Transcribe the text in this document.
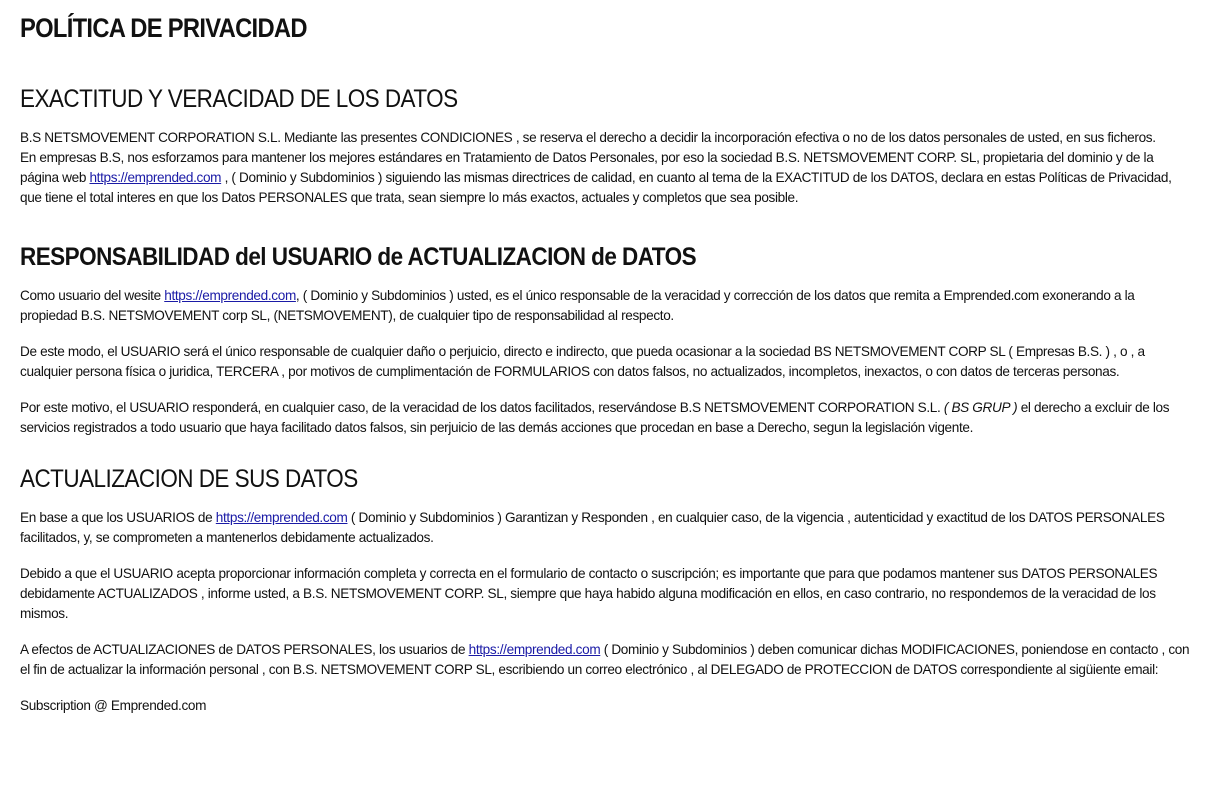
POLÍTICA DE PRIVACIDAD
EXACTITUD Y VERACIDAD DE LOS DATOS

B.S NETSMOVEMENT CORPORATION S.L. Mediante las presentes CONDICIONES , se reserva el derecho a decidir la incorporación efectiva o no de los datos personales de usted, en sus ficheros.
En empresas B.S, nos esforzamos para mantener los mejores estándares en Tratamiento de Datos Personales, por eso la sociedad B.S. NETSMOVEMENT CORP. SL, propietaria del dominio y de la página web https://emprended.com , ( Dominio y Subdominios ) siguiendo las mismas directrices de calidad, en cuanto al tema de la EXACTITUD de los DATOS, declara en estas Políticas de Privacidad, que tiene el total interes en que los Datos PERSONALES que trata, sean siempre lo más exactos, actuales y completos que sea posible.

RESPONSABILIDAD del USUARIO de ACTUALIZACION de DATOS

Como usuario del wesite https://emprended.com, ( Dominio y Subdominios ) usted, es el único responsable de la veracidad y corrección de los datos que remita a Emprended.com exonerando a la propiedad B.S. NETSMOVEMENT corp SL, (NETSMOVEMENT), de cualquier tipo de responsabilidad al respecto.

De este modo, el USUARIO será el único responsable de cualquier daño o perjuicio, directo e indirecto, que pueda ocasionar a la sociedad BS NETSMOVEMENT CORP SL ( Empresas B.S. ) , o , a cualquier persona física o juridica, TERCERA , por motivos de cumplimentación de FORMULARIOS con datos falsos, no actualizados, incompletos, inexactos, o con datos de terceras personas.

Por este motivo, el USUARIO responderá, en cualquier caso, de la veracidad de los datos facilitados, reservándose B.S NETSMOVEMENT CORPORATION S.L. ( BS GRUP ) el derecho a excluir de los servicios registrados a todo usuario que haya facilitado datos falsos, sin perjuicio de las demás acciones que procedan en base a Derecho, segun la legislación vigente.

ACTUALIZACION DE SUS DATOS

En base a que los USUARIOS de https://emprended.com ( Dominio y Subdominios ) Garantizan y Responden , en cualquier caso, de la vigencia , autenticidad y exactitud de los DATOS PERSONALES facilitados, y, se comprometen a mantenerlos debidamente actualizados.

Debido a que el USUARIO acepta proporcionar información completa y correcta en el formulario de contacto o suscripción; es importante que para que podamos mantener sus DATOS PERSONALES debidamente ACTUALIZADOS , informe usted, a B.S. NETSMOVEMENT CORP. SL, siempre que haya habido alguna modificación en ellos, en caso contrario, no respondemos de la veracidad de los mismos.

A efectos de ACTUALIZACIONES de DATOS PERSONALES, los usuarios de https://emprended.com ( Dominio y Subdominios ) deben comunicar dichas MODIFICACIONES, poniendose en contacto , con el fin de actualizar la información personal , con B.S. NETSMOVEMENT CORP SL, escribiendo un correo electrónico , al DELEGADO de PROTECCION de DATOS correspondiente al sigüiente email:

Subscription @ Emprended.com
